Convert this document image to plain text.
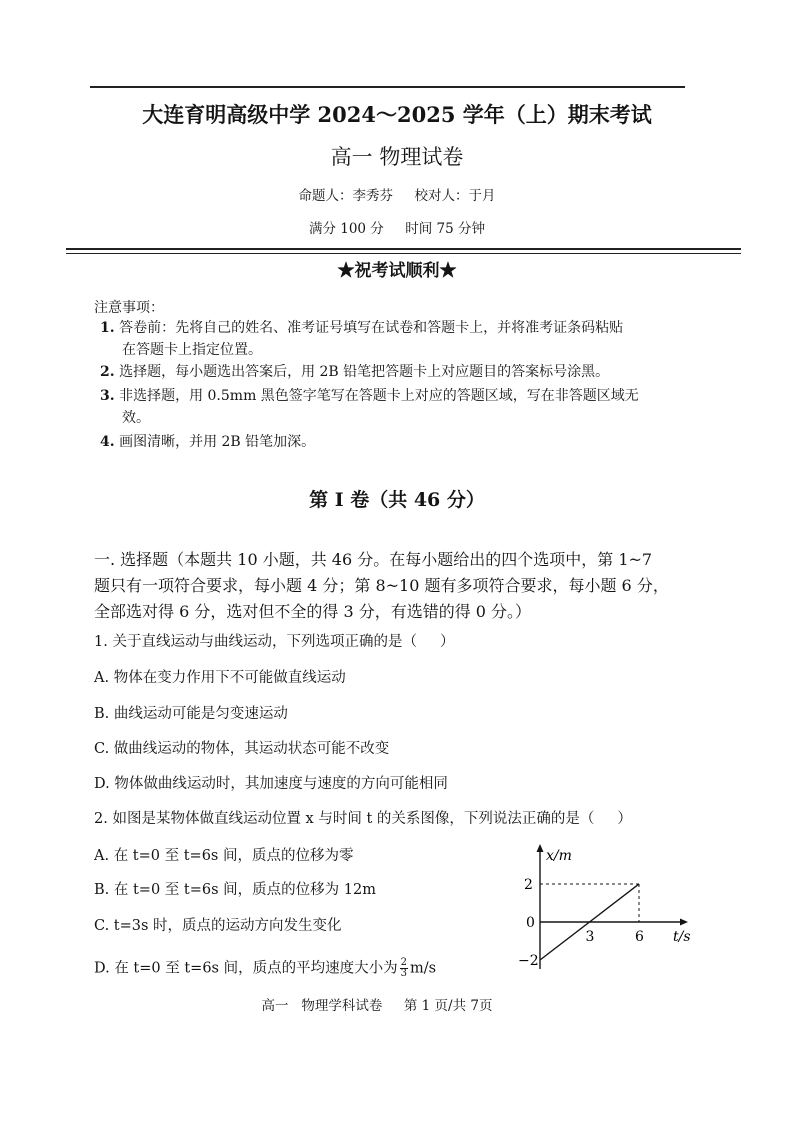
大连育明高级中学 2024～2025 学年（上）期末考试
高一 物理试卷
命题人：李秀芬     校对人：于月
满分 100 分     时间 75 分钟
★祝考试顺利★
注意事项：
1. 答卷前：先将自己的姓名、准考证号填写在试卷和答题卡上，并将准考证条码粘贴
在答题卡上指定位置。
2. 选择题，每小题选出答案后，用 2B 铅笔把答题卡上对应题目的答案标号涂黑。
3. 非选择题，用 0.5mm 黑色签字笔写在答题卡上对应的答题区域，写在非答题区域无
效。
4. 画图清晰，并用 2B 铅笔加深。
第 I 卷（共 46 分）
一. 选择题（本题共 10 小题，共 46 分。在每小题给出的四个选项中，第 1~7
题只有一项符合要求，每小题 4 分；第 8~10 题有多项符合要求，每小题 6 分，
全部选对得 6 分，选对但不全的得 3 分，有选错的得 0 分。）
1. 关于直线运动与曲线运动，下列选项正确的是（     ）
A. 物体在变力作用下不可能做直线运动
B. 曲线运动可能是匀变速运动
C. 做曲线运动的物体，其运动状态可能不改变
D. 物体做曲线运动时，其加速度与速度的方向可能相同
2. 如图是某物体做直线运动位置 x 与时间 t 的关系图像，下列说法正确的是（     ）
A. 在 t=0 至 t=6s 间，质点的位移为零
B. 在 t=0 至 t=6s 间，质点的位移为 12m
C. t=3s 时，质点的运动方向发生变化
D. 在 t=0 至 t=6s 间，质点的平均速度大小为 $\frac{2}{3} m/s$
x/m
t/s
2
0
−2
3	6
高一   物理学科试卷     第 1 页/共 7页
